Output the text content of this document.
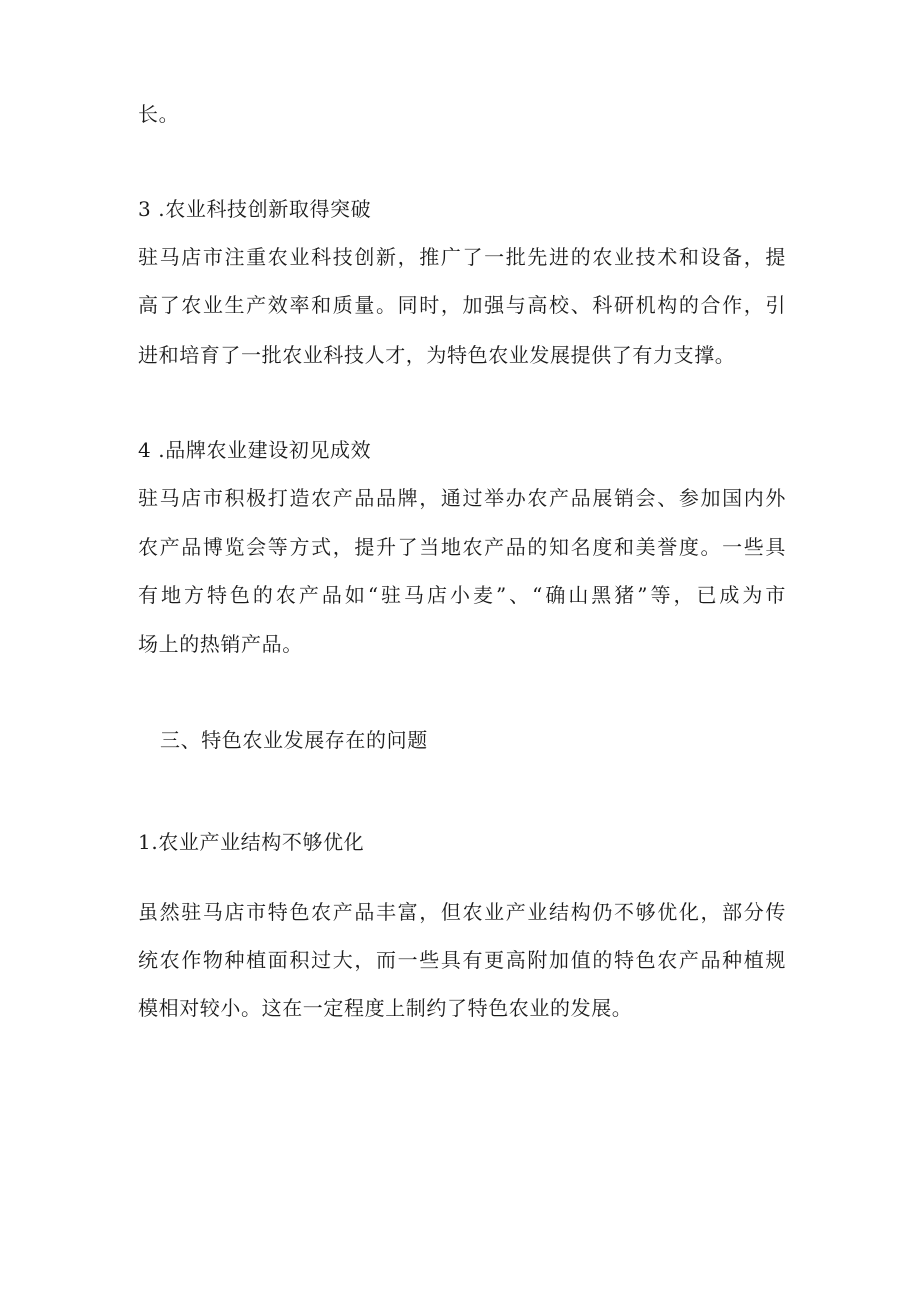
长。
3 .农业科技创新取得突破
驻马店市注重农业科技创新，推广了一批先进的农业技术和设备，提
高了农业生产效率和质量。同时，加强与高校、科研机构的合作，引
进和培育了一批农业科技人才，为特色农业发展提供了有力支撑。
4 .品牌农业建设初见成效
驻马店市积极打造农产品品牌，通过举办农产品展销会、参加国内外
农产品博览会等方式，提升了当地农产品的知名度和美誉度。一些具
有地方特色的农产品如“驻马店小麦”、“确山黑猪”等，已成为市
场上的热销产品。
三、特色农业发展存在的问题
1.农业产业结构不够优化
虽然驻马店市特色农产品丰富，但农业产业结构仍不够优化，部分传
统农作物种植面积过大，而一些具有更高附加值的特色农产品种植规
模相对较小。这在一定程度上制约了特色农业的发展。
